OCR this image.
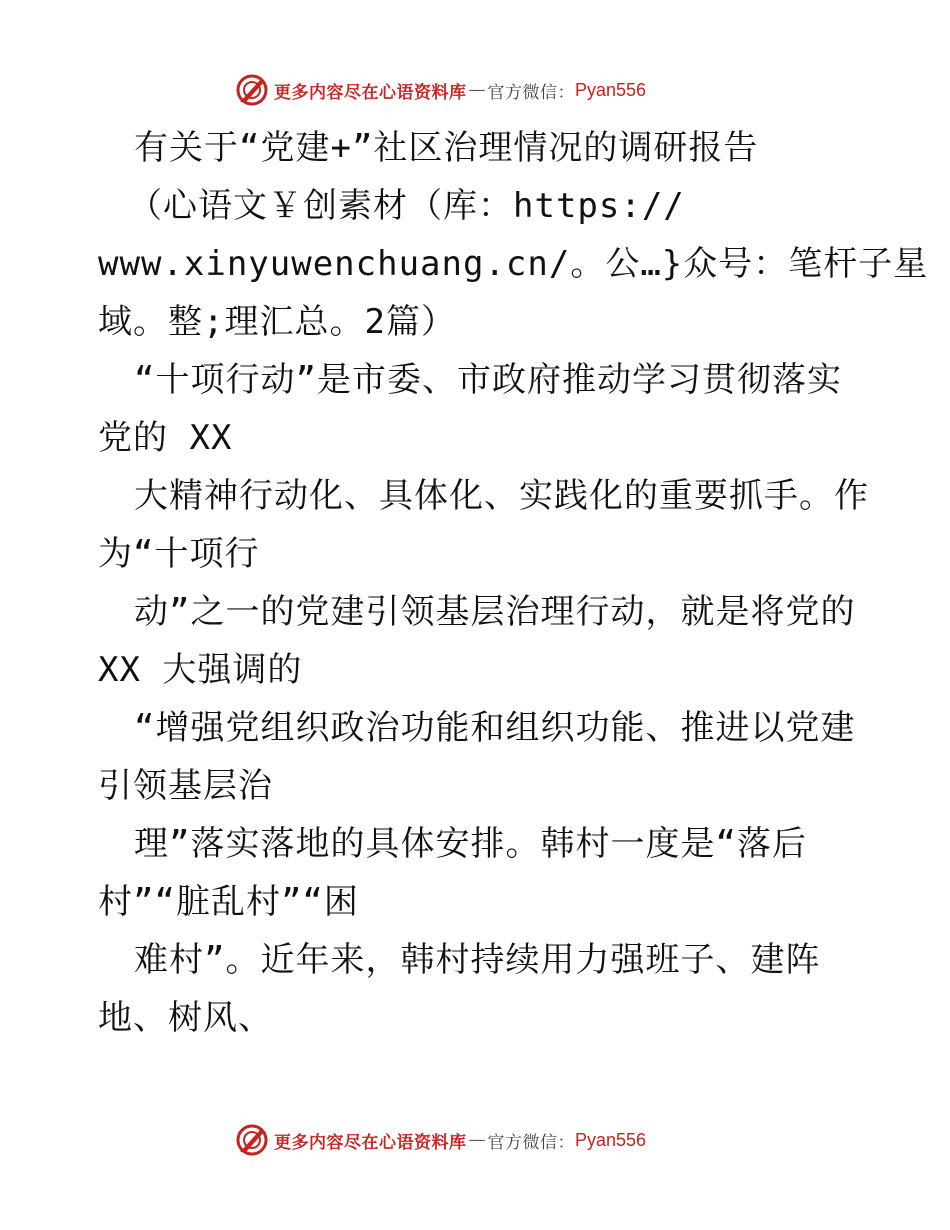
更多内容尽在心语资料库 — 官方微信： Pyan556
有关于“党建+”社区治理情况的调研报告
（心语文￥创素材（库：https://
www.xinyuwenchuang.cn/。公…}众号：笔杆子星
域。整;理汇总。2篇）
“十项行动”是市委、市政府推动学习贯彻落实
党的 XX
大精神行动化、具体化、实践化的重要抓手。作
为“十项行
动”之一的党建引领基层治理行动，就是将党的
XX 大强调的
“增强党组织政治功能和组织功能、推进以党建
引领基层治
理”落实落地的具体安排。韩村一度是“落后
村”“脏乱村”“困
难村”。近年来，韩村持续用力强班子、建阵
地、树风、
更多内容尽在心语资料库 — 官方微信： Pyan556
